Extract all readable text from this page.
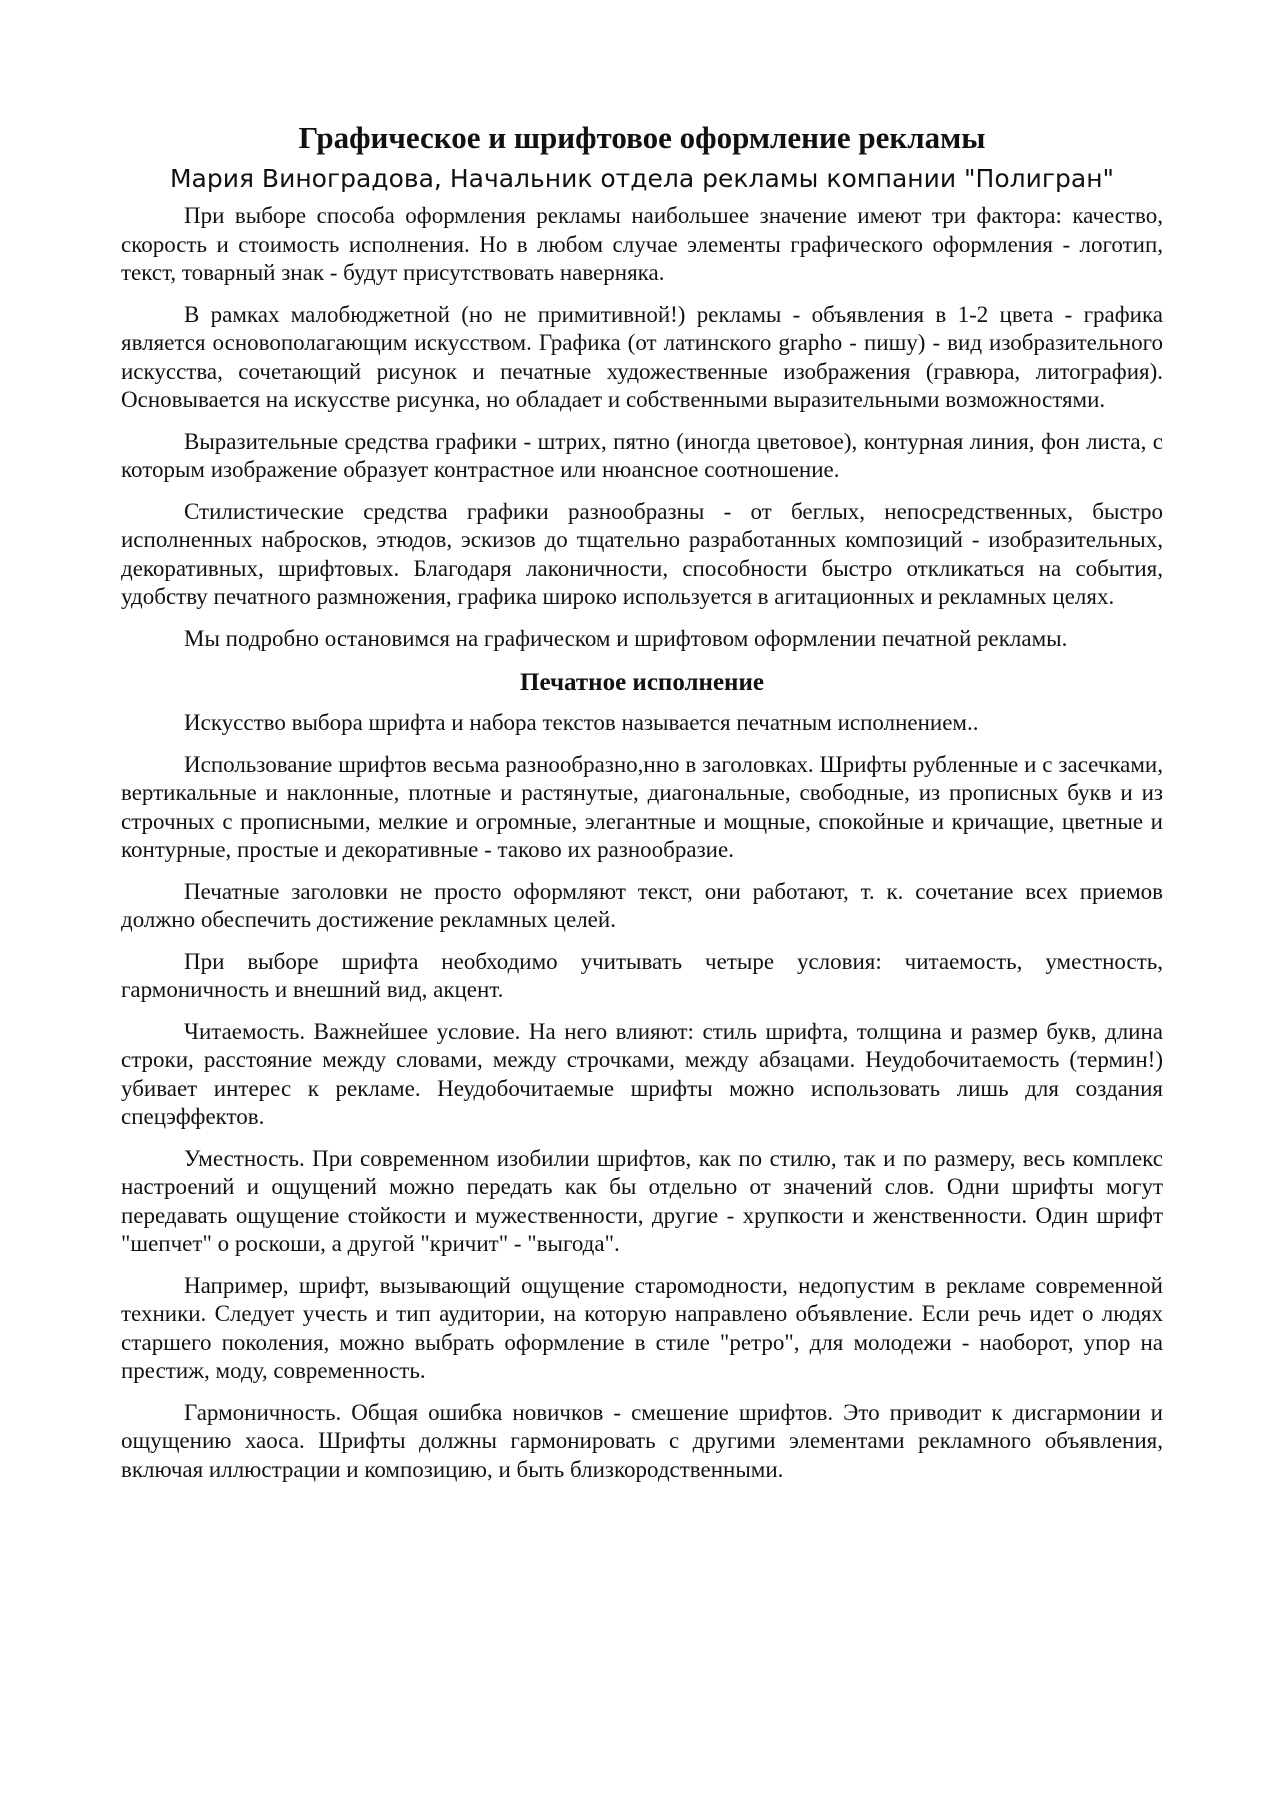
Графическое и шрифтовое оформление рекламы
Мария Виноградова, Начальник отдела рекламы компании "Полигран"

При выборе способа оформления рекламы наибольшее значение имеют три фактора: качество, скорость и стоимость исполнения. Но в любом случае элементы графического оформления - логотип, текст, товарный знак - будут присутствовать наверняка.

В рамках малобюджетной (но не примитивной!) рекламы - объявления в 1-2 цвета - графика является основополагающим искусством. Графика (от латинского grapho - пишу) - вид изобразительного искусства, сочетающий рисунок и печатные художественные изображения (гравюра, литография). Основывается на искусстве рисунка, но обладает и собственными выразительными возможностями.

Выразительные средства графики - штрих, пятно (иногда цветовое), контурная линия, фон листа, с которым изображение образует контрастное или нюансное соотношение.

Стилистические средства графики разнообразны - от беглых, непосредственных, быстро исполненных набросков, этюдов, эскизов до тщательно разработанных композиций - изобразительных, декоративных, шрифтовых. Благодаря лаконичности, способности быстро откликаться на события, удобству печатного размножения, графика широко используется в агитационных и рекламных целях.

Мы подробно остановимся на графическом и шрифтовом оформлении печатной рекламы.

Печатное исполнение

Искусство выбора шрифта и набора текстов называется печатным исполнением..

Использование шрифтов весьма разнообразно,нно в заголовках. Шрифты рубленные и с засечками, вертикальные и наклонные, плотные и растянутые, диагональные, свободные, из прописных букв и из строчных с прописными, мелкие и огромные, элегантные и мощные, спокойные и кричащие, цветные и контурные, простые и декоративные - таково их разнообразие.

Печатные заголовки не просто оформляют текст, они работают, т. к. сочетание всех приемов должно обеспечить достижение рекламных целей.

При выборе шрифта необходимо учитывать четыре условия: читаемость, уместность, гармоничность и внешний вид, акцент.

Читаемость. Важнейшее условие. На него влияют: стиль шрифта, толщина и размер букв, длина строки, расстояние между словами, между строчками, между абзацами. Неудобочитаемость (термин!) убивает интерес к рекламе. Неудобочитаемые шрифты можно использовать лишь для создания спецэффектов.

Уместность. При современном изобилии шрифтов, как по стилю, так и по размеру, весь комплекс настроений и ощущений можно передать как бы отдельно от значений слов. Одни шрифты могут передавать ощущение стойкости и мужественности, другие - хрупкости и женственности. Один шрифт "шепчет" о роскоши, а другой "кричит" - "выгода".

Например, шрифт, вызывающий ощущение старомодности, недопустим в рекламе современной техники. Следует учесть и тип аудитории, на которую направлено объявление. Если речь идет о людях старшего поколения, можно выбрать оформление в стиле "ретро", для молодежи - наоборот, упор на престиж, моду, современность.

Гармоничность. Общая ошибка новичков - смешение шрифтов. Это приводит к дисгармонии и ощущению хаоса. Шрифты должны гармонировать с другими элементами рекламного объявления, включая иллюстрации и композицию, и быть близкородственными.
